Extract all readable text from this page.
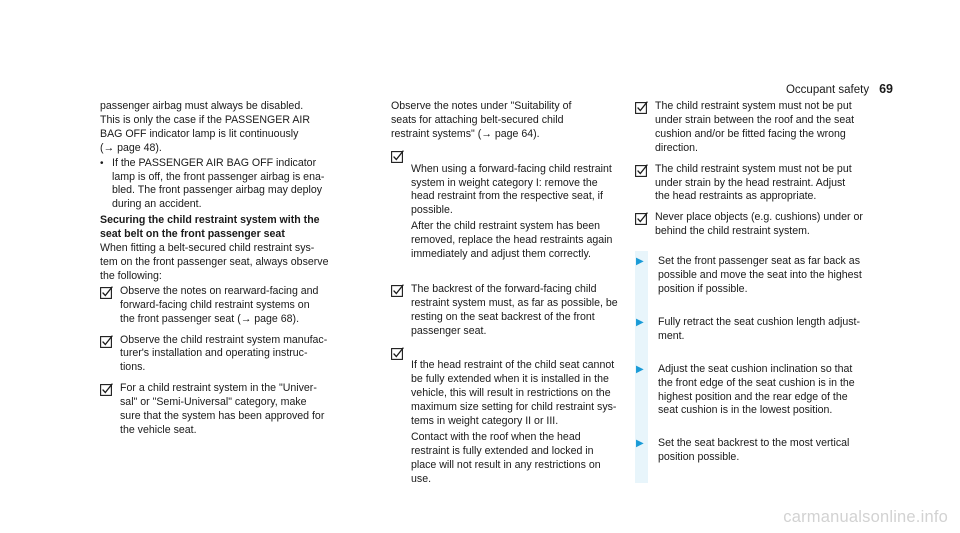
Occupant safety 69

passenger airbag must always be disabled.
This is only the case if the PASSENGER AIR
BAG OFF indicator lamp is lit continuously
(→ page 48).

• If the PASSENGER AIR BAG OFF indicator
lamp is off, the front passenger airbag is ena-
bled. The front passenger airbag may deploy
during an accident.
Securing the child restraint system with the
seat belt on the front passenger seat

When fitting a belt-secured child restraint sys-
tem on the front passenger seat, always observe
the following:

Observe the notes on rearward-facing and
forward-facing child restraint systems on
the front passenger seat (→ page 68).
Observe the child restraint system manufac-
turer's installation and operating instruc-
tions.
For a child restraint system in the "Univer-
sal" or "Semi-Universal" category, make
sure that the system has been approved for
the vehicle seat.

Observe the notes under "Suitability of
seats for attaching belt-secured child
restraint systems" (→ page 64).

When using a forward-facing child restraint
system in weight category I: remove the
head restraint from the respective seat, if
possible.

After the child restraint system has been
removed, replace the head restraints again
immediately and adjust them correctly.

The backrest of the forward-facing child
restraint system must, as far as possible, be
resting on the seat backrest of the front
passenger seat.

If the head restraint of the child seat cannot
be fully extended when it is installed in the
vehicle, this will result in restrictions on the
maximum size setting for child restraint sys-
tems in weight category II or III.

Contact with the roof when the head
restraint is fully extended and locked in
place will not result in any restrictions on
use.

The child restraint system must not be put
under strain between the roof and the seat
cushion and/or be fitted facing the wrong
direction.
The child restraint system must not be put
under strain by the head restraint. Adjust
the head restraints as appropriate.
Never place objects (e.g. cushions) under or
behind the child restraint system.
▶	Set the front passenger seat as far back as
possible and move the seat into the highest
position if possible.
▶	Fully retract the seat cushion length adjust-
ment.
▶	Adjust the seat cushion inclination so that
the front edge of the seat cushion is in the
highest position and the rear edge of the
seat cushion is in the lowest position.
▶	Set the seat backrest to the most vertical
position possible.
carmanualsonline.info
